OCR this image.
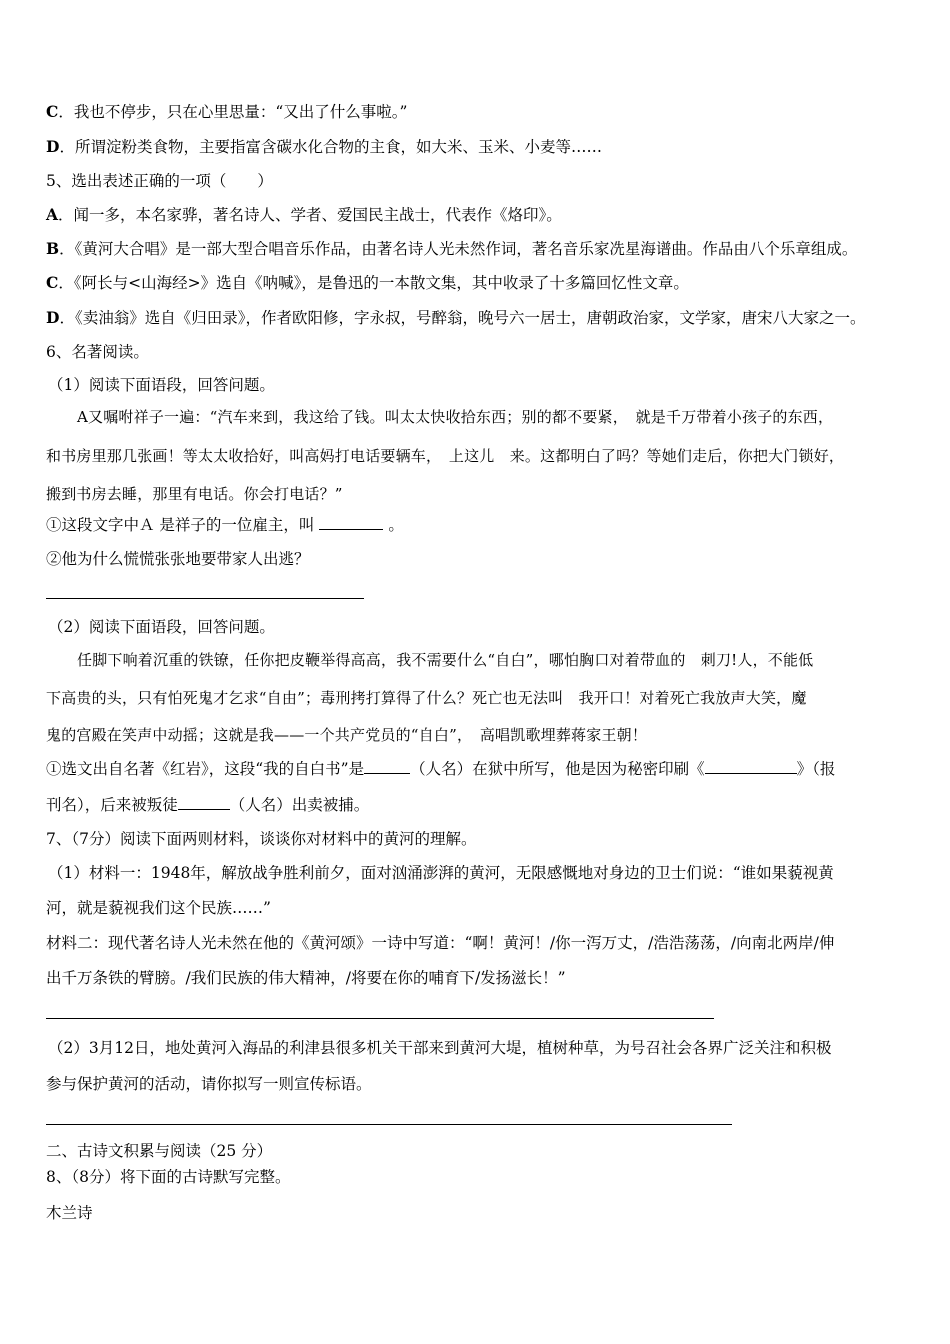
C．我也不停步，只在心里思量：“又出了什么事啦。”
D．所谓淀粉类食物，主要指富含碳水化合物的主食，如大米、玉米、小麦等……
5、选出表述正确的一项（　　）
A．闻一多，本名家骅，著名诗人、学者、爱国民主战士，代表作《烙印》。
B．《黄河大合唱》是一部大型合唱音乐作品，由著名诗人光未然作词，著名音乐家冼星海谱曲。作品由八个乐章组成。
C．《阿长与<山海经>》选自《呐喊》，是鲁迅的一本散文集，其中收录了十多篇回忆性文章。
D．《卖油翁》选自《归田录》，作者欧阳修，字永叔，号醉翁，晚号六一居士，唐朝政治家，文学家，唐宋八大家之一。
6、名著阅读。
（1）阅读下面语段，回答问题。
A又嘱咐祥子一遍：“汽车来到，我这给了钱。叫太太快收拾东西；别的都不要紧，　就是千万带着小孩子的东西，
和书房里那几张画！等太太收拾好，叫高妈打电话要辆车，　上这儿　来。这都明白了吗？等她们走后，你把大门锁好，
搬到书房去睡，那里有电话。你会打电话？”
①这段文字中Ａ 是祥子的一位雇主，叫	。
②他为什么慌慌张张地要带家人出逃？
（2）阅读下面语段，回答问题。
任脚下响着沉重的铁镣，任你把皮鞭举得高高，我不需要什么“自白”，哪怕胸口对着带血的　刺刀!人，不能低
下高贵的头，只有怕死鬼才乞求“自由”；毒刑拷打算得了什么？死亡也无法叫　我开口！对着死亡我放声大笑，魔
鬼的宫殿在笑声中动摇；这就是我——一个共产党员的“自白”，　高唱凯歌埋葬蒋家王朝！
①选文出自名著《红岩》，这段“我的自白书”是	（人名）在狱中所写，他是因为秘密印刷《	》（报
刊名），后来被叛徒	（人名）出卖被捕。
7、（7分）阅读下面两则材料，谈谈你对材料中的黄河的理解。
（1）材料一：1948年，解放战争胜利前夕，面对汹涌澎湃的黄河，无限感慨地对身边的卫士们说：“谁如果藐视黄
河，就是藐视我们这个民族……”
材料二：现代著名诗人光未然在他的《黄河颂》一诗中写道：“啊！黄河！/你一泻万丈，/浩浩荡荡，/向南北两岸/伸
出千万条铁的臂膀。/我们民族的伟大精神，/将要在你的哺育下/发扬滋长！”
（2）3月12日，地处黄河入海品的利津县很多机关干部来到黄河大堤，植树种草，为号召社会各界广泛关注和积极
参与保护黄河的活动，请你拟写一则宣传标语。
二、古诗文积累与阅读（25 分）
8、（8分）将下面的古诗默写完整。
木兰诗
